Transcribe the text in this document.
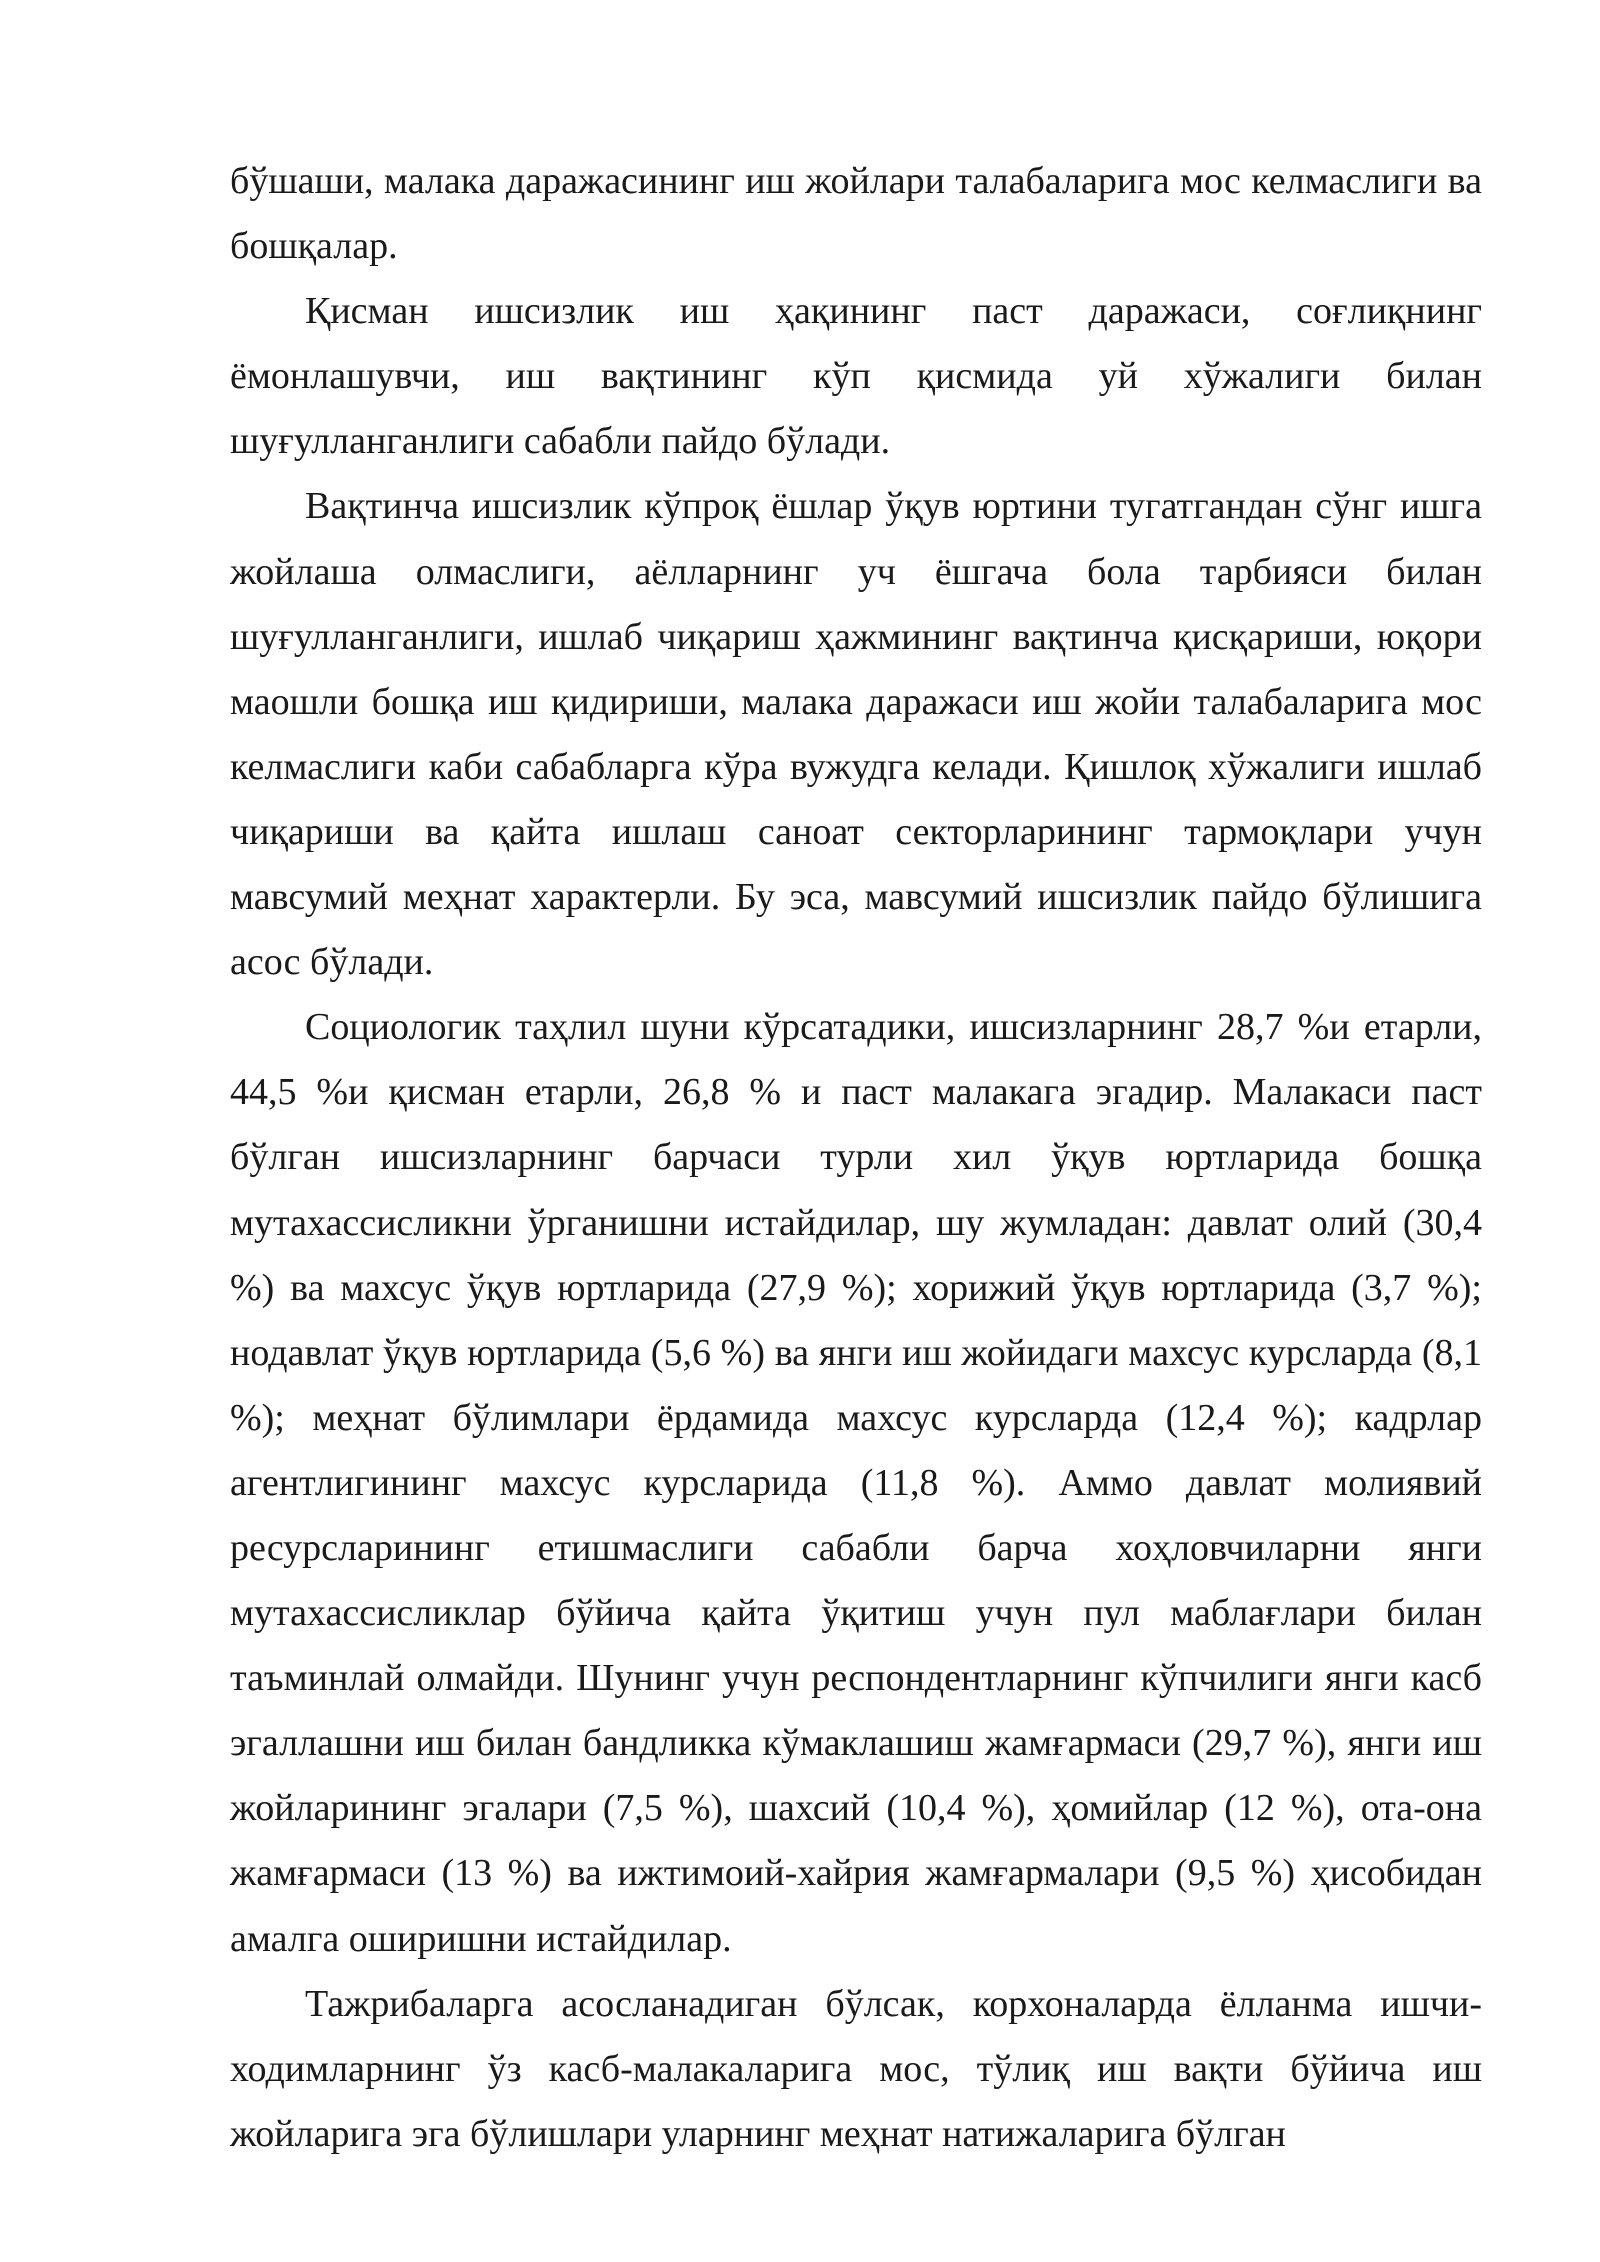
бўшаши, малака даражасининг иш жойлари талабаларига мос келмаслиги ва бошқалар.

Қисман ишсизлик иш ҳақининг паст даражаси, соғлиқнинг ёмонлашувчи, иш вақтининг кўп қисмида уй хўжалиги билан шуғулланганлиги сабабли пайдо бўлади.

Вақтинча ишсизлик кўпроқ ёшлар ўқув юртини тугатгандан сўнг ишга жойлаша олмаслиги, аёлларнинг уч ёшгача бола тарбияси билан шуғулланганлиги, ишлаб чиқариш ҳажмининг вақтинча қисқариши, юқори маошли бошқа иш қидириши, малака даражаси иш жойи талабаларига мос келмаслиги каби сабабларга кўра вужудга келади. Қишлоқ хўжалиги ишлаб чиқариши ва қайта ишлаш саноат секторларининг тармоқлари учун мавсумий меҳнат характерли. Бу эса, мавсумий ишсизлик пайдо бўлишига асос бўлади.

Социологик таҳлил шуни кўрсатадики, ишсизларнинг 28,7 %и етарли, 44,5 %и қисман етарли, 26,8 % и паст малакага эгадир. Малакаси паст бўлган ишсизларнинг барчаси турли хил ўқув юртларида бошқа мутахассисликни ўрганишни истайдилар, шу жумладан: давлат олий (30,4 %) ва махсус ўқув юртларида (27,9 %); хорижий ўқув юртларида (3,7 %); нодавлат ўқув юртларида (5,6 %) ва янги иш жойидаги махсус курсларда (8,1 %); меҳнат бўлимлари ёрдамида махсус курсларда (12,4 %); кадрлар агентлигининг махсус курсларида (11,8 %). Аммо давлат молиявий ресурсларининг етишмаслиги сабабли барча хоҳловчиларни янги мутахассисликлар бўйича қайта ўқитиш учун пул маблағлари билан таъминлай олмайди. Шунинг учун респондентларнинг кўпчилиги янги касб эгаллашни иш билан бандликка кўмаклашиш жамғармаси (29,7 %), янги иш жойларининг эгалари (7,5 %), шахсий (10,4 %), ҳомийлар (12 %), ота-она жамғармаси (13 %) ва ижтимоий-хайрия жамғармалари (9,5 %) ҳисобидан амалга оширишни истайдилар.

Тажрибаларга асосланадиган бўлсак, корхоналарда ёлланма ишчи-ходимларнинг ўз касб-малакаларига мос, тўлиқ иш вақти бўйича иш жойларига эга бўлишлари уларнинг меҳнат натижаларига бўлган
